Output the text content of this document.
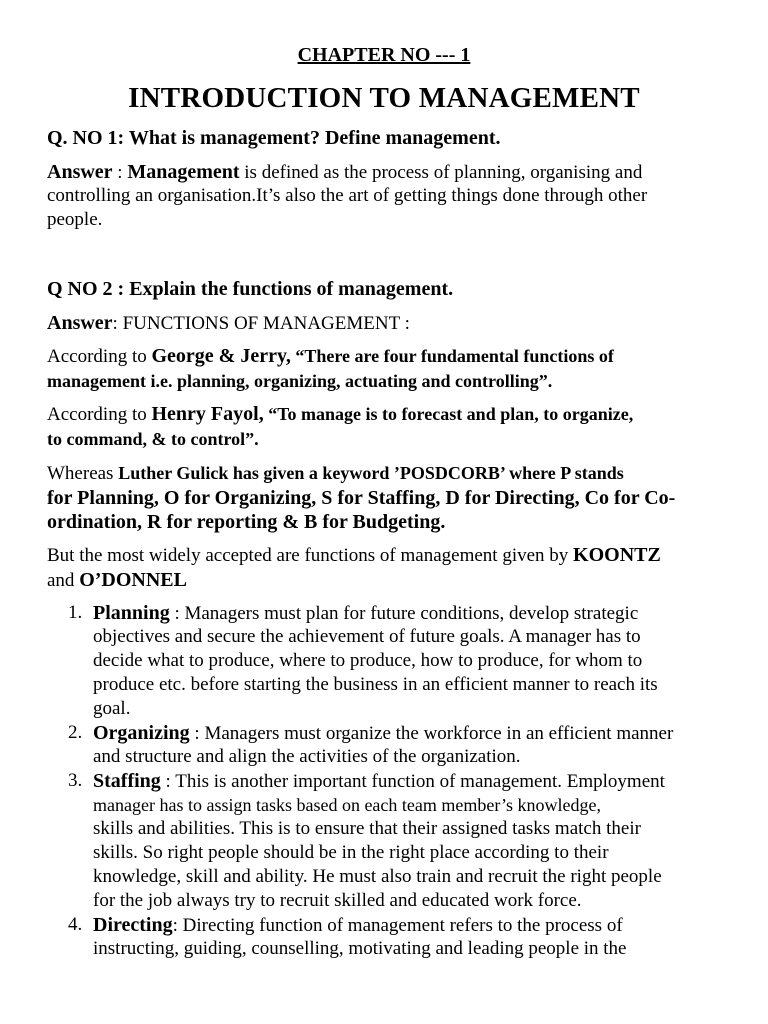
CHAPTER NO --- 1
INTRODUCTION TO MANAGEMENT
Q. NO 1: What is management? Define management.
Answer : Management is defined as the process of planning, organising and
controlling an organisation.It’s also the art of getting things done through other
people.
Q NO 2 : Explain the functions of management.
Answer: FUNCTIONS OF MANAGEMENT :
According to George & Jerry, “There are four fundamental functions of
management i.e. planning, organizing, actuating and controlling”.
According to Henry Fayol, “To manage is to forecast and plan, to organize,
to command, & to control”.
Whereas Luther Gulick has given a keyword ’POSDCORB’ where P stands
for Planning, O for Organizing, S for Staffing, D for Directing, Co for Co-
ordination, R for reporting & B for Budgeting.
But the most widely accepted are functions of management given by KOONTZ
and O’DONNEL
1. Planning : Managers must plan for future conditions, develop strategic
objectives and secure the achievement of future goals. A manager has to
decide what to produce, where to produce, how to produce, for whom to
produce etc. before starting the business in an efficient manner to reach its
goal.
2. Organizing : Managers must organize the workforce in an efficient manner
and structure and align the activities of the organization.
3. Staffing : This is another important function of management. Employment
manager has to assign tasks based on each team member’s knowledge,
skills and abilities. This is to ensure that their assigned tasks match their
skills. So right people should be in the right place according to their
knowledge, skill and ability. He must also train and recruit the right people
for the job always try to recruit skilled and educated work force.
4. Directing: Directing function of management refers to the process of
instructing, guiding, counselling, motivating and leading people in the
